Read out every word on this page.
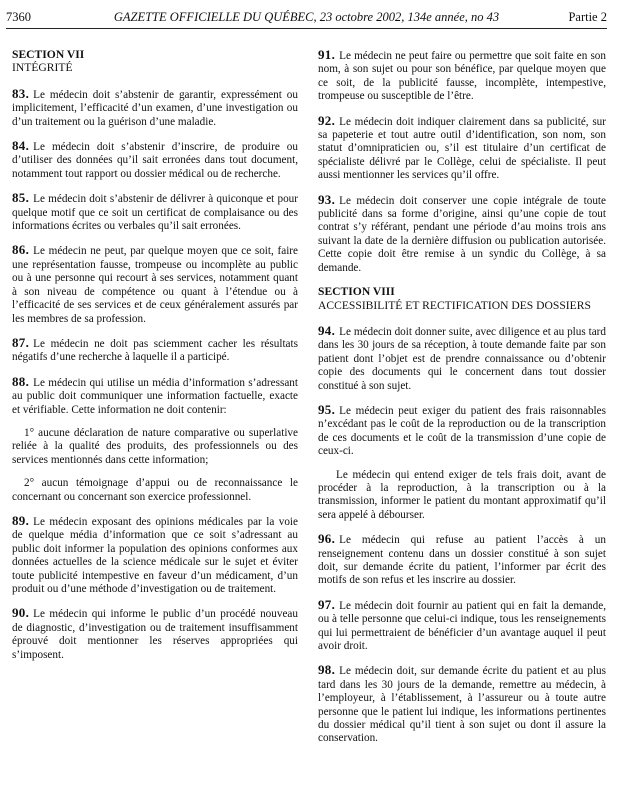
7360	GAZETTE OFFICIELLE DU QUÉBEC, 23 octobre 2002, 134e année, no 43	Partie 2
SECTION VII
INTÉGRITÉ

83. Le médecin doit s’abstenir de garantir, expressément ou implicitement, l’efficacité d’un examen, d’une investigation ou d’un traitement ou la guérison d’une maladie.

84. Le médecin doit s’abstenir d’inscrire, de produire ou d’utiliser des données qu’il sait erronées dans tout document, notamment tout rapport ou dossier médical ou de recherche.

85. Le médecin doit s’abstenir de délivrer à quiconque et pour quelque motif que ce soit un certificat de complaisance ou des informations écrites ou verbales qu’il sait erronées.

86. Le médecin ne peut, par quelque moyen que ce soit, faire une représentation fausse, trompeuse ou incomplète au public ou à une personne qui recourt à ses services, notamment quant à son niveau de compétence ou quant à l’étendue ou à l’efficacité de ses services et de ceux généralement assurés par les membres de sa profession.

87. Le médecin ne doit pas sciemment cacher les résultats négatifs d’une recherche à laquelle il a participé.

88. Le médecin qui utilise un média d’information s’adressant au public doit communiquer une information factuelle, exacte et vérifiable. Cette information ne doit contenir:

1° aucune déclaration de nature comparative ou superlative reliée à la qualité des produits, des professionnels ou des services mentionnés dans cette information;

2° aucun témoignage d’appui ou de reconnaissance le concernant ou concernant son exercice professionnel.

89. Le médecin exposant des opinions médicales par la voie de quelque média d’information que ce soit s’adressant au public doit informer la population des opinions conformes aux données actuelles de la science médicale sur le sujet et éviter toute publicité intempestive en faveur d’un médicament, d’un produit ou d’une méthode d’investigation ou de traitement.

90. Le médecin qui informe le public d’un procédé nouveau de diagnostic, d’investigation ou de traitement insuffisamment éprouvé doit mentionner les réserves appropriées qui s’imposent.

91. Le médecin ne peut faire ou permettre que soit faite en son nom, à son sujet ou pour son bénéfice, par quelque moyen que ce soit, de la publicité fausse, incomplète, intempestive, trompeuse ou susceptible de l’être.

92. Le médecin doit indiquer clairement dans sa publicité, sur sa papeterie et tout autre outil d’identification, son nom, son statut d’omnipraticien ou, s’il est titulaire d’un certificat de spécialiste délivré par le Collège, celui de spécialiste. Il peut aussi mentionner les services qu’il offre.

93. Le médecin doit conserver une copie intégrale de toute publicité dans sa forme d’origine, ainsi qu’une copie de tout contrat s’y référant, pendant une période d’au moins trois ans suivant la date de la dernière diffusion ou publication autorisée. Cette copie doit être remise à un syndic du Collège, à sa demande.

SECTION VIII
ACCESSIBILITÉ ET RECTIFICATION DES DOSSIERS

94. Le médecin doit donner suite, avec diligence et au plus tard dans les 30 jours de sa réception, à toute demande faite par son patient dont l’objet est de prendre connaissance ou d’obtenir copie des documents qui le concernent dans tout dossier constitué à son sujet.

95. Le médecin peut exiger du patient des frais raisonnables n’excédant pas le coût de la reproduction ou de la transcription de ces documents et le coût de la transmission d’une copie de ceux-ci.

Le médecin qui entend exiger de tels frais doit, avant de procéder à la reproduction, à la transcription ou à la transmission, informer le patient du montant approximatif qu’il sera appelé à débourser.

96. Le médecin qui refuse au patient l’accès à un renseignement contenu dans un dossier constitué à son sujet doit, sur demande écrite du patient, l’informer par écrit des motifs de son refus et les inscrire au dossier.

97. Le médecin doit fournir au patient qui en fait la demande, ou à telle personne que celui-ci indique, tous les renseignements qui lui permettraient de bénéficier d’un avantage auquel il peut avoir droit.

98. Le médecin doit, sur demande écrite du patient et au plus tard dans les 30 jours de la demande, remettre au médecin, à l’employeur, à l’établissement, à l’assureur ou à toute autre personne que le patient lui indique, les informations pertinentes du dossier médical qu’il tient à son sujet ou dont il assure la conservation.
